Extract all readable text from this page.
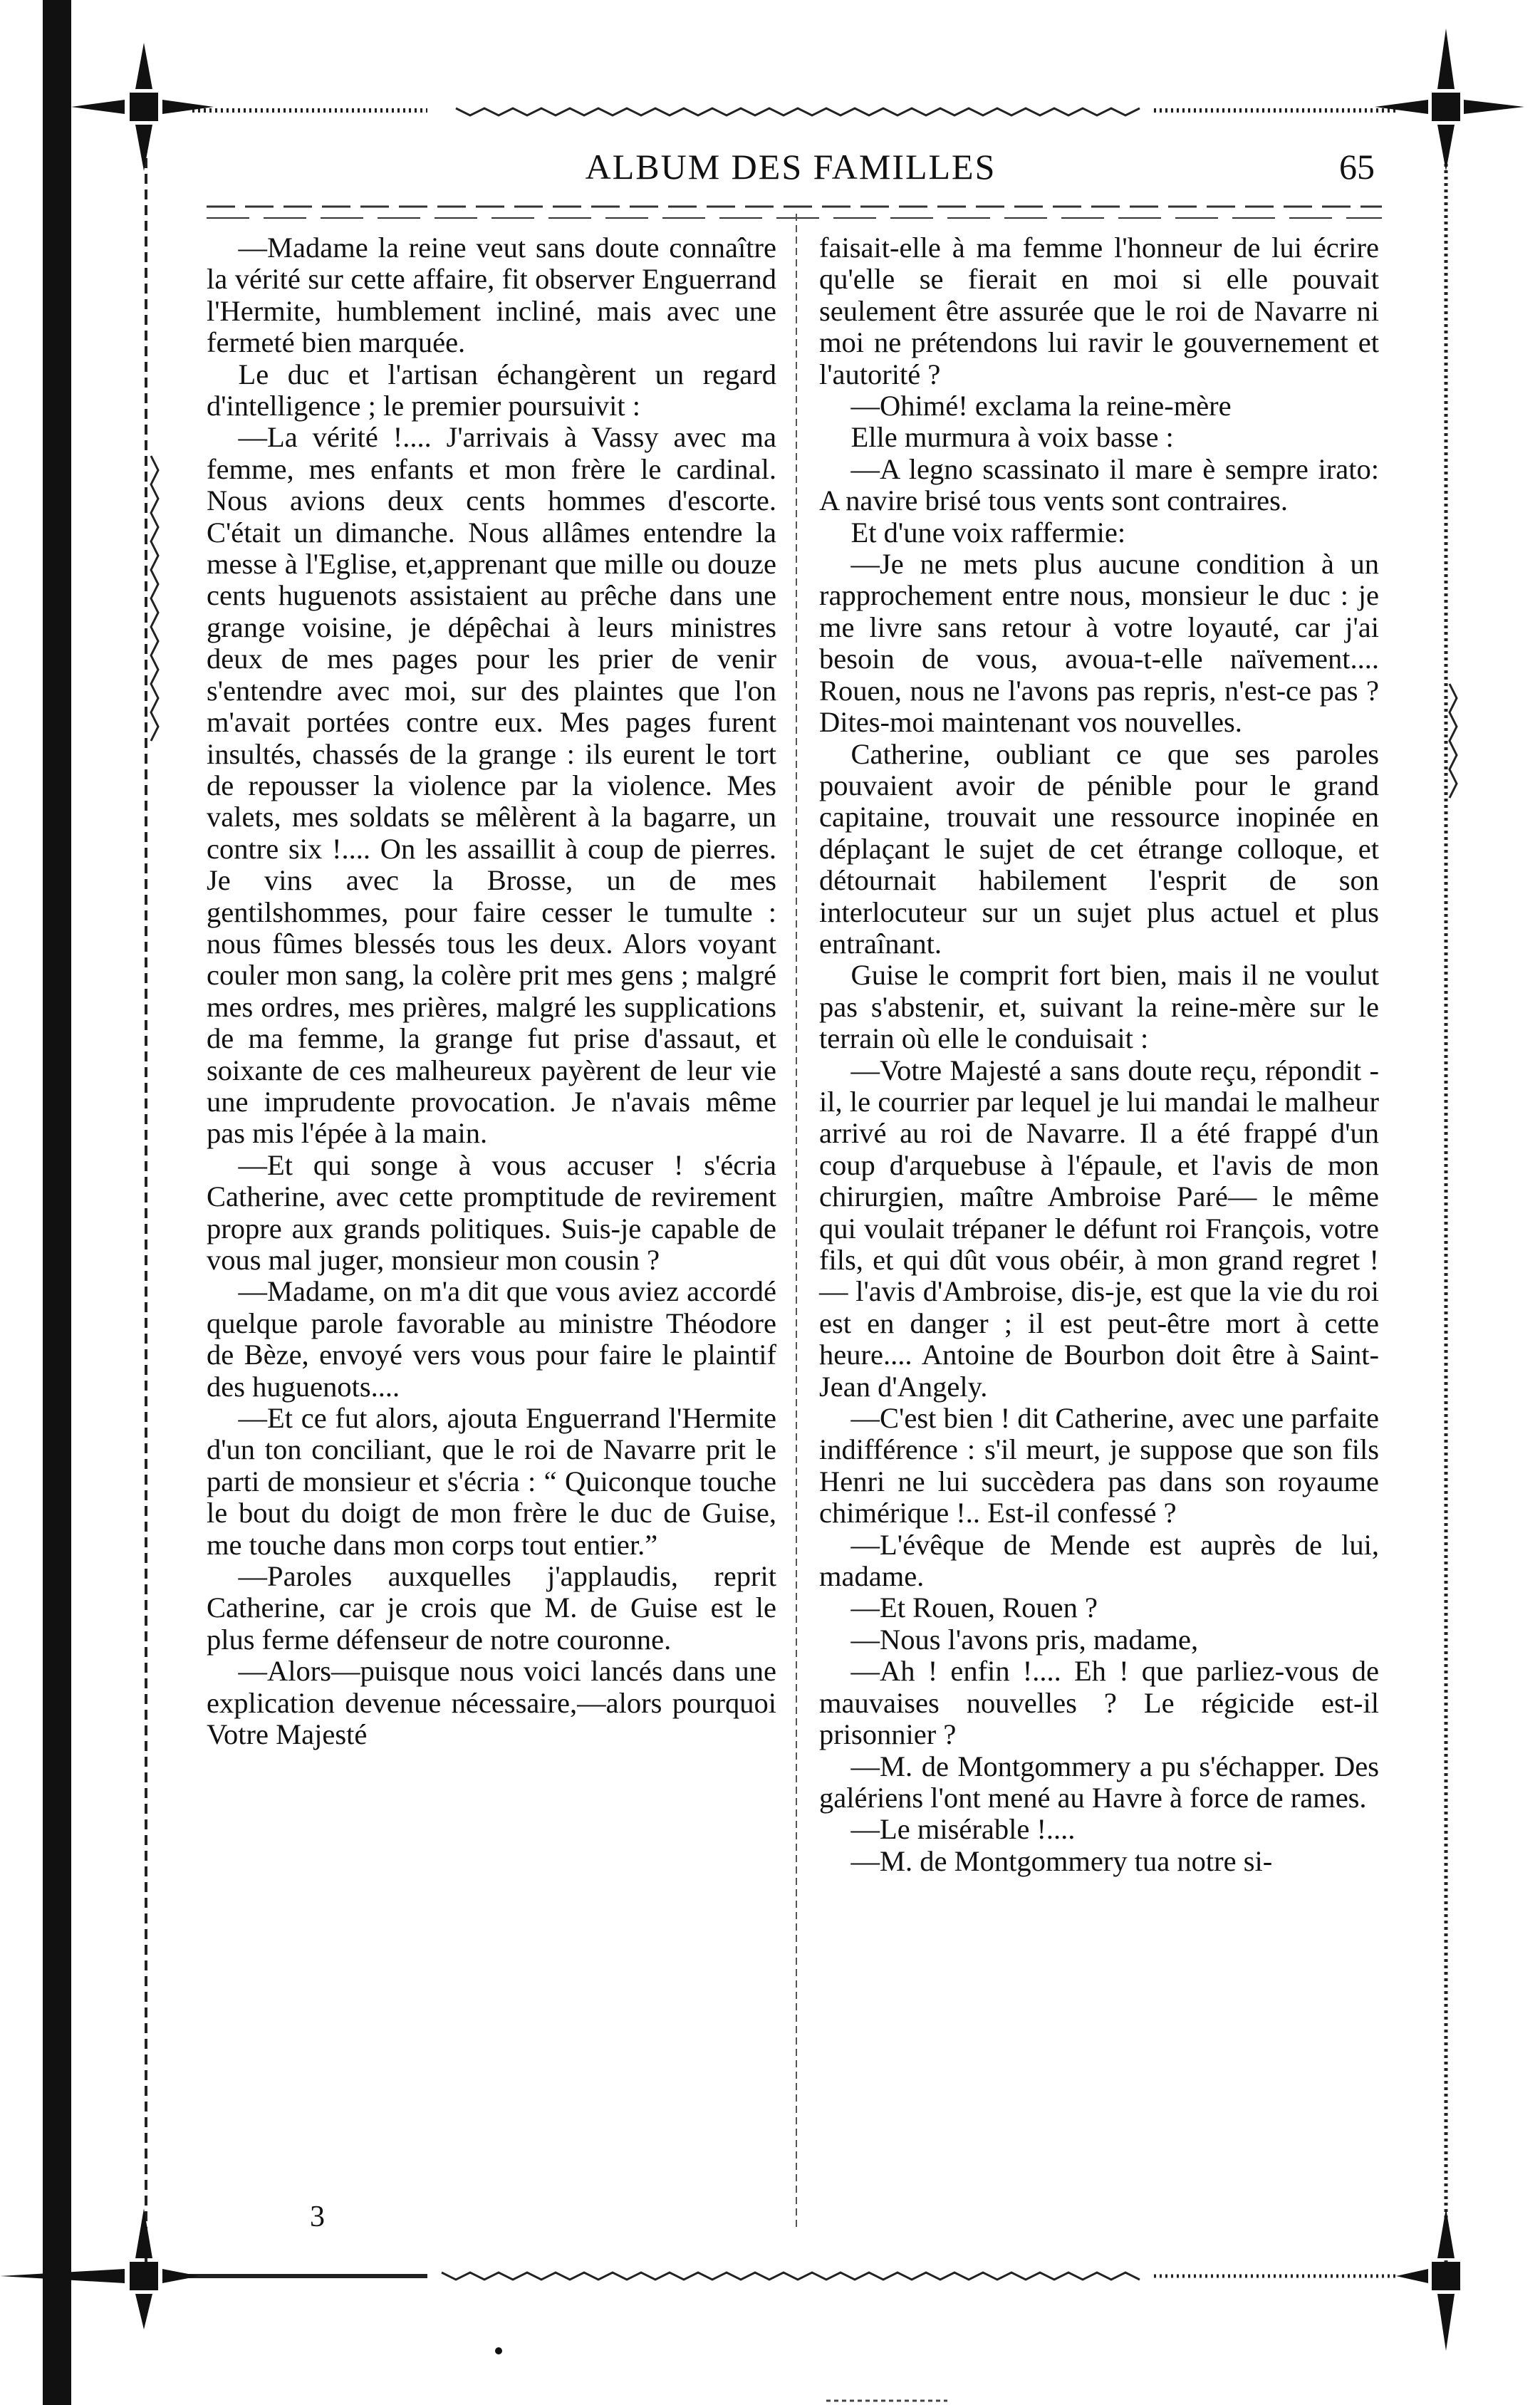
ALBUM DES FAMILLES	65

—Madame la reine veut sans doute connaître la vérité sur cette affaire, fit observer Enguerrand l'Hermite, humblement incliné, mais avec une fermeté bien marquée.

Le duc et l'artisan échangèrent un regard d'intelligence ; le premier poursuivit :

—La vérité !.... J'arrivais à Vassy avec ma femme, mes enfants et mon frère le cardinal. Nous avions deux cents hommes d'escorte. C'était un dimanche. Nous allâmes entendre la messe à l'Eglise, et,apprenant que mille ou douze cents huguenots assistaient au prêche dans une grange voisine, je dépêchai à leurs ministres deux de mes pages pour les prier de venir s'entendre avec moi, sur des plaintes que l'on m'avait portées contre eux. Mes pages furent insultés, chassés de la grange : ils eurent le tort de repousser la violence par la violence. Mes valets, mes soldats se mêlèrent à la bagarre, un contre six !.... On les assaillit à coup de pierres. Je vins avec la Brosse, un de mes gentilshommes, pour faire cesser le tumulte : nous fûmes blessés tous les deux. Alors voyant couler mon sang, la colère prit mes gens ; malgré mes ordres, mes prières, malgré les supplications de ma femme, la grange fut prise d'assaut, et soixante de ces malheureux payèrent de leur vie une imprudente provocation. Je n'avais même pas mis l'épée à la main.

—Et qui songe à vous accuser ! s'écria Catherine, avec cette promptitude de revirement propre aux grands politiques. Suis-je capable de vous mal juger, monsieur mon cousin ?

—Madame, on m'a dit que vous aviez accordé quelque parole favorable au ministre Théodore de Bèze, envoyé vers vous pour faire le plaintif des huguenots....

—Et ce fut alors, ajouta Enguerrand l'Hermite d'un ton conciliant, que le roi de Navarre prit le parti de monsieur et s'écria : “ Quiconque touche le bout du doigt de mon frère le duc de Guise, me touche dans mon corps tout entier.”

—Paroles auxquelles j'applaudis, reprit Catherine, car je crois que M. de Guise est le plus ferme défenseur de notre couronne.

—Alors—puisque nous voici lancés dans une explication devenue nécessaire,—alors pourquoi Votre Majesté

3

faisait-elle à ma femme l'honneur de lui écrire qu'elle se fierait en moi si elle pouvait seulement être assurée que le roi de Navarre ni moi ne prétendons lui ravir le gouvernement et l'autorité ?

—Ohimé! exclama la reine-mère

Elle murmura à voix basse :

—A legno scassinato il mare è sempre irato: A navire brisé tous vents sont contraires.

Et d'une voix raffermie:

—Je ne mets plus aucune condition à un rapprochement entre nous, monsieur le duc : je me livre sans retour à votre loyauté, car j'ai besoin de vous, avoua-t-elle naïvement.... Rouen, nous ne l'avons pas repris, n'est-ce pas ? Dites-moi maintenant vos nouvelles.

Catherine, oubliant ce que ses paroles pouvaient avoir de pénible pour le grand capitaine, trouvait une ressource inopinée en déplaçant le sujet de cet étrange colloque, et détournait habilement l'esprit de son interlocuteur sur un sujet plus actuel et plus entraînant.

Guise le comprit fort bien, mais il ne voulut pas s'abstenir, et, suivant la reine-mère sur le terrain où elle le conduisait :

—Votre Majesté a sans doute reçu, répondit - il, le courrier par lequel je lui mandai le malheur arrivé au roi de Navarre. Il a été frappé d'un coup d'arquebuse à l'épaule, et l'avis de mon chirurgien, maître Ambroise Paré— le même qui voulait trépaner le défunt roi François, votre fils, et qui dût vous obéir, à mon grand regret ! — l'avis d'Ambroise, dis-je, est que la vie du roi est en danger ; il est peut-être mort à cette heure.... Antoine de Bourbon doit être à Saint-Jean d'Angely.

—C'est bien ! dit Catherine, avec une parfaite indifférence : s'il meurt, je suppose que son fils Henri ne lui succèdera pas dans son royaume chimérique !.. Est-il confessé ?

—L'évêque de Mende est auprès de lui, madame.

—Et Rouen, Rouen ?

—Nous l'avons pris, madame,

—Ah ! enfin !.... Eh ! que parliez-vous de mauvaises nouvelles ? Le régicide est-il prisonnier ?

—M. de Montgommery a pu s'échapper. Des galériens l'ont mené au Havre à force de rames.

—Le misérable !....

—M. de Montgommery tua notre si-
